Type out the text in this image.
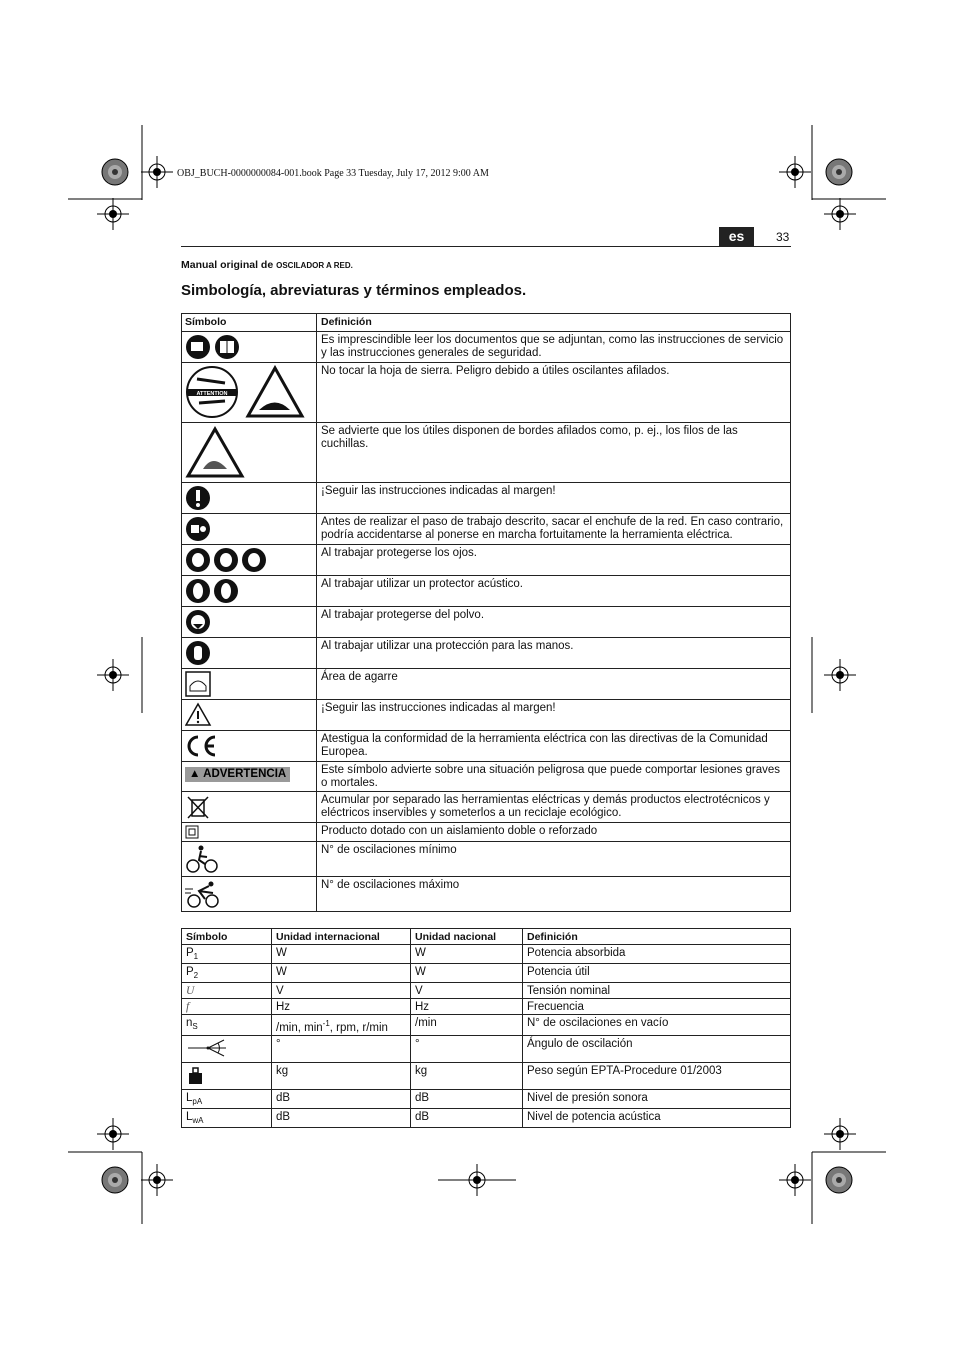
OBJ_BUCH-0000000084-001.book Page 33 Tuesday, July 17, 2012 9:00 AM
es	33
Manual original de OSCILADOR A RED.
Simbología, abreviaturas y términos empleados.
Símbolo	Definición
	Es imprescindible leer los documentos que se adjuntan, como las instrucciones de servicio y las instrucciones generales de seguridad.

ATTENTION	No tocar la hoja de sierra. Peligro debido a útiles oscilantes afilados.
	Se advierte que los útiles disponen de bordes afilados como, p. ej., los filos de las cuchillas.
	¡Seguir las instrucciones indicadas al margen!
	Antes de realizar el paso de trabajo descrito, sacar el enchufe de la red. En caso contrario, podría accidentarse al ponerse en marcha fortuitamente la herramienta eléctrica.
	Al trabajar protegerse los ojos.
	Al trabajar utilizar un protector acústico.
	Al trabajar protegerse del polvo.
	Al trabajar utilizar una protección para las manos.
	Área de agarre
	¡Seguir las instrucciones indicadas al margen!
	Atestigua la conformidad de la herramienta eléctrica con las directivas de la Comunidad Europea.
▲ ADVERTENCIA	Este símbolo advierte sobre una situación peligrosa que puede comportar lesiones graves o mortales.
	Acumular por separado las herramientas eléctricas y demás productos electrotécnicos y eléctricos inservibles y someterlos a un reciclaje ecológico.
	Producto dotado con un aislamiento doble o reforzado
	N° de oscilaciones mínimo
	N° de oscilaciones máximo
Símbolo	Unidad internacional	Unidad nacional	Definición
$P_1$	W	W	Potencia absorbida
$P_2$	W	W	Potencia útil
U	V	V	Tensión nominal
f	Hz	Hz	Frecuencia
$n_S$	/min, $\min^{-1}$, rpm, r/min	/min	N° de oscilaciones en vacío
	°	°	Ángulo de oscilación
	kg	kg	Peso según EPTA-Procedure 01/2003
$L_{pA}$	dB	dB	Nivel de presión sonora
$L_{wA}$	dB	dB	Nivel de potencia acústica
